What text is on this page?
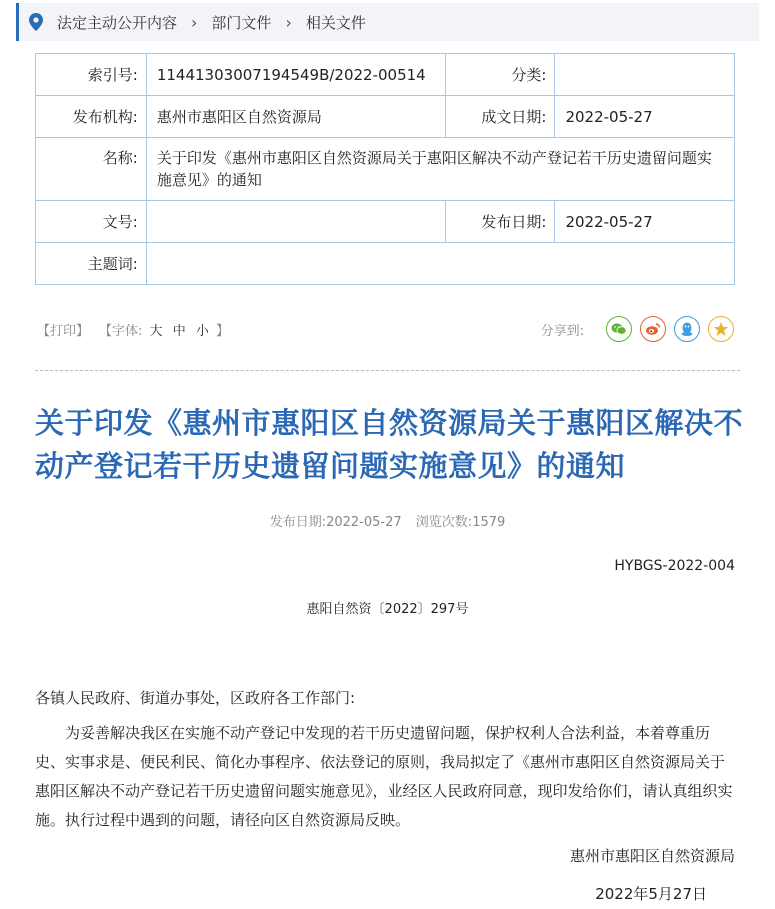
法定主动公开内容 › 部门文件 › 相关文件
索引号:	11441303007194549B/2022-00514	分类:	
发布机构:	惠州市惠阳区自然资源局	成文日期:	2022-05-27
名称:	关于印发《惠州市惠阳区自然资源局关于惠阳区解决不动产登记若干历史遗留问题实施意见》的通知		
文号:		发布日期:	2022-05-27
主题词:			
【打印】 【字体: 大 中 小 】	分享到:
关于印发《惠州市惠阳区自然资源局关于惠阳区解决不动产登记若干历史遗留问题实施意见》的通知
发布日期:2022-05-27 浏览次数:1579
HYBGS-2022-004
惠阳自然资〔2022〕297号

各镇人民政府、街道办事处，区政府各工作部门:

为妥善解决我区在实施不动产登记中发现的若干历史遗留问题，保护权利人合法利益，本着尊重历史、实事求是、便民利民、简化办事程序、依法登记的原则，我局拟定了《惠州市惠阳区自然资源局关于惠阳区解决不动产登记若干历史遗留问题实施意见》，业经区人民政府同意，现印发给你们，请认真组织实施。执行过程中遇到的问题，请径向区自然资源局反映。

惠州市惠阳区自然资源局
2022年5月27日
